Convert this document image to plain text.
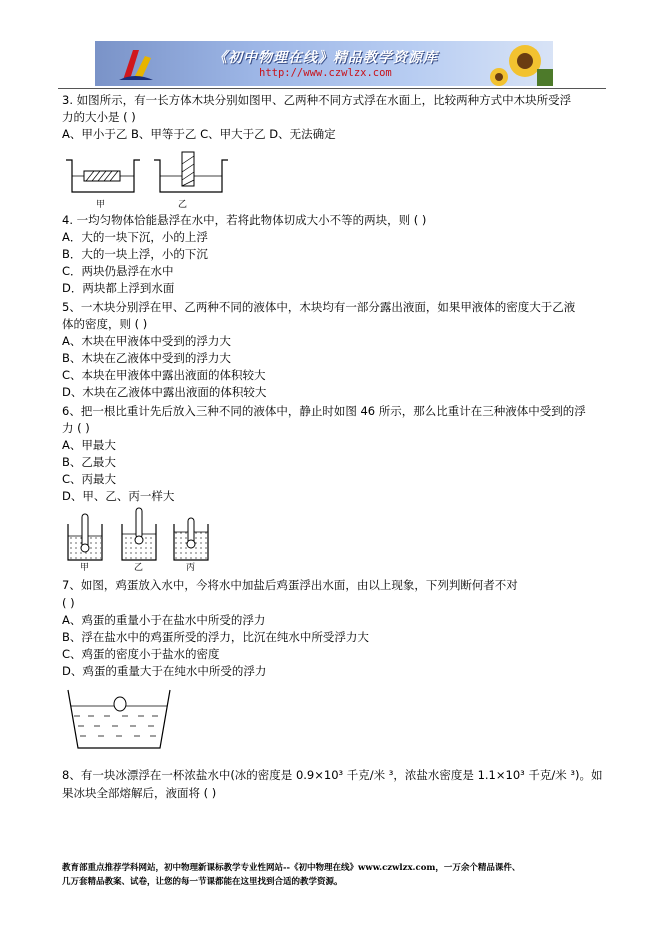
《初中物理在线》精品教学资源库
http://www.czwlzx.com
3. 如图所示，有一长方体木块分别如图甲、乙两种不同方式浮在水面上，比较两种方式中木块所受浮
力的大小是 ( )
A、甲小于乙 B、甲等于乙 C、甲大于乙 D、无法确定
甲	乙
4. 一均匀物体恰能悬浮在水中，若将此物体切成大小不等的两块，则 ( )
A．大的一块下沉，小的上浮
B．大的一块上浮，小的下沉
C．两块仍悬浮在水中
D．两块都上浮到水面
5、一木块分别浮在甲、乙两种不同的液体中，木块均有一部分露出液面，如果甲液体的密度大于乙液
体的密度，则 ( )
A、木块在甲液体中受到的浮力大
B、木块在乙液体中受到的浮力大
C、本块在甲液体中露出液面的体积较大
D、木块在乙液体中露出液面的体积较大
6、把一根比重计先后放入三种不同的液体中，静止时如图 46 所示，那么比重计在三种液体中受到的浮
力 ( )
A、甲最大
B、乙最大
C、丙最大
D、甲、乙、丙一样大
甲	乙	丙
7、如图，鸡蛋放入水中，今将水中加盐后鸡蛋浮出水面，由以上现象，下列判断何者不对
( )
A、鸡蛋的重量小于在盐水中所受的浮力
B、浮在盐水中的鸡蛋所受的浮力，比沉在纯水中所受浮力大
C、鸡蛋的密度小于盐水的密度
D、鸡蛋的重量大于在纯水中所受的浮力
8、有一块冰漂浮在一杯浓盐水中(冰的密度是 0.9×10³ 千克/米 ³，浓盐水密度是 1.1×10³ 千克/米 ³)。如
果冰块全部熔解后，液面将 ( )
教育部重点推荐学科网站，初中物理新课标教学专业性网站--《初中物理在线》www.czwlzx.com，一万余个精品课件、
几万套精品教案、试卷，让您的每一节课都能在这里找到合适的教学资源。
